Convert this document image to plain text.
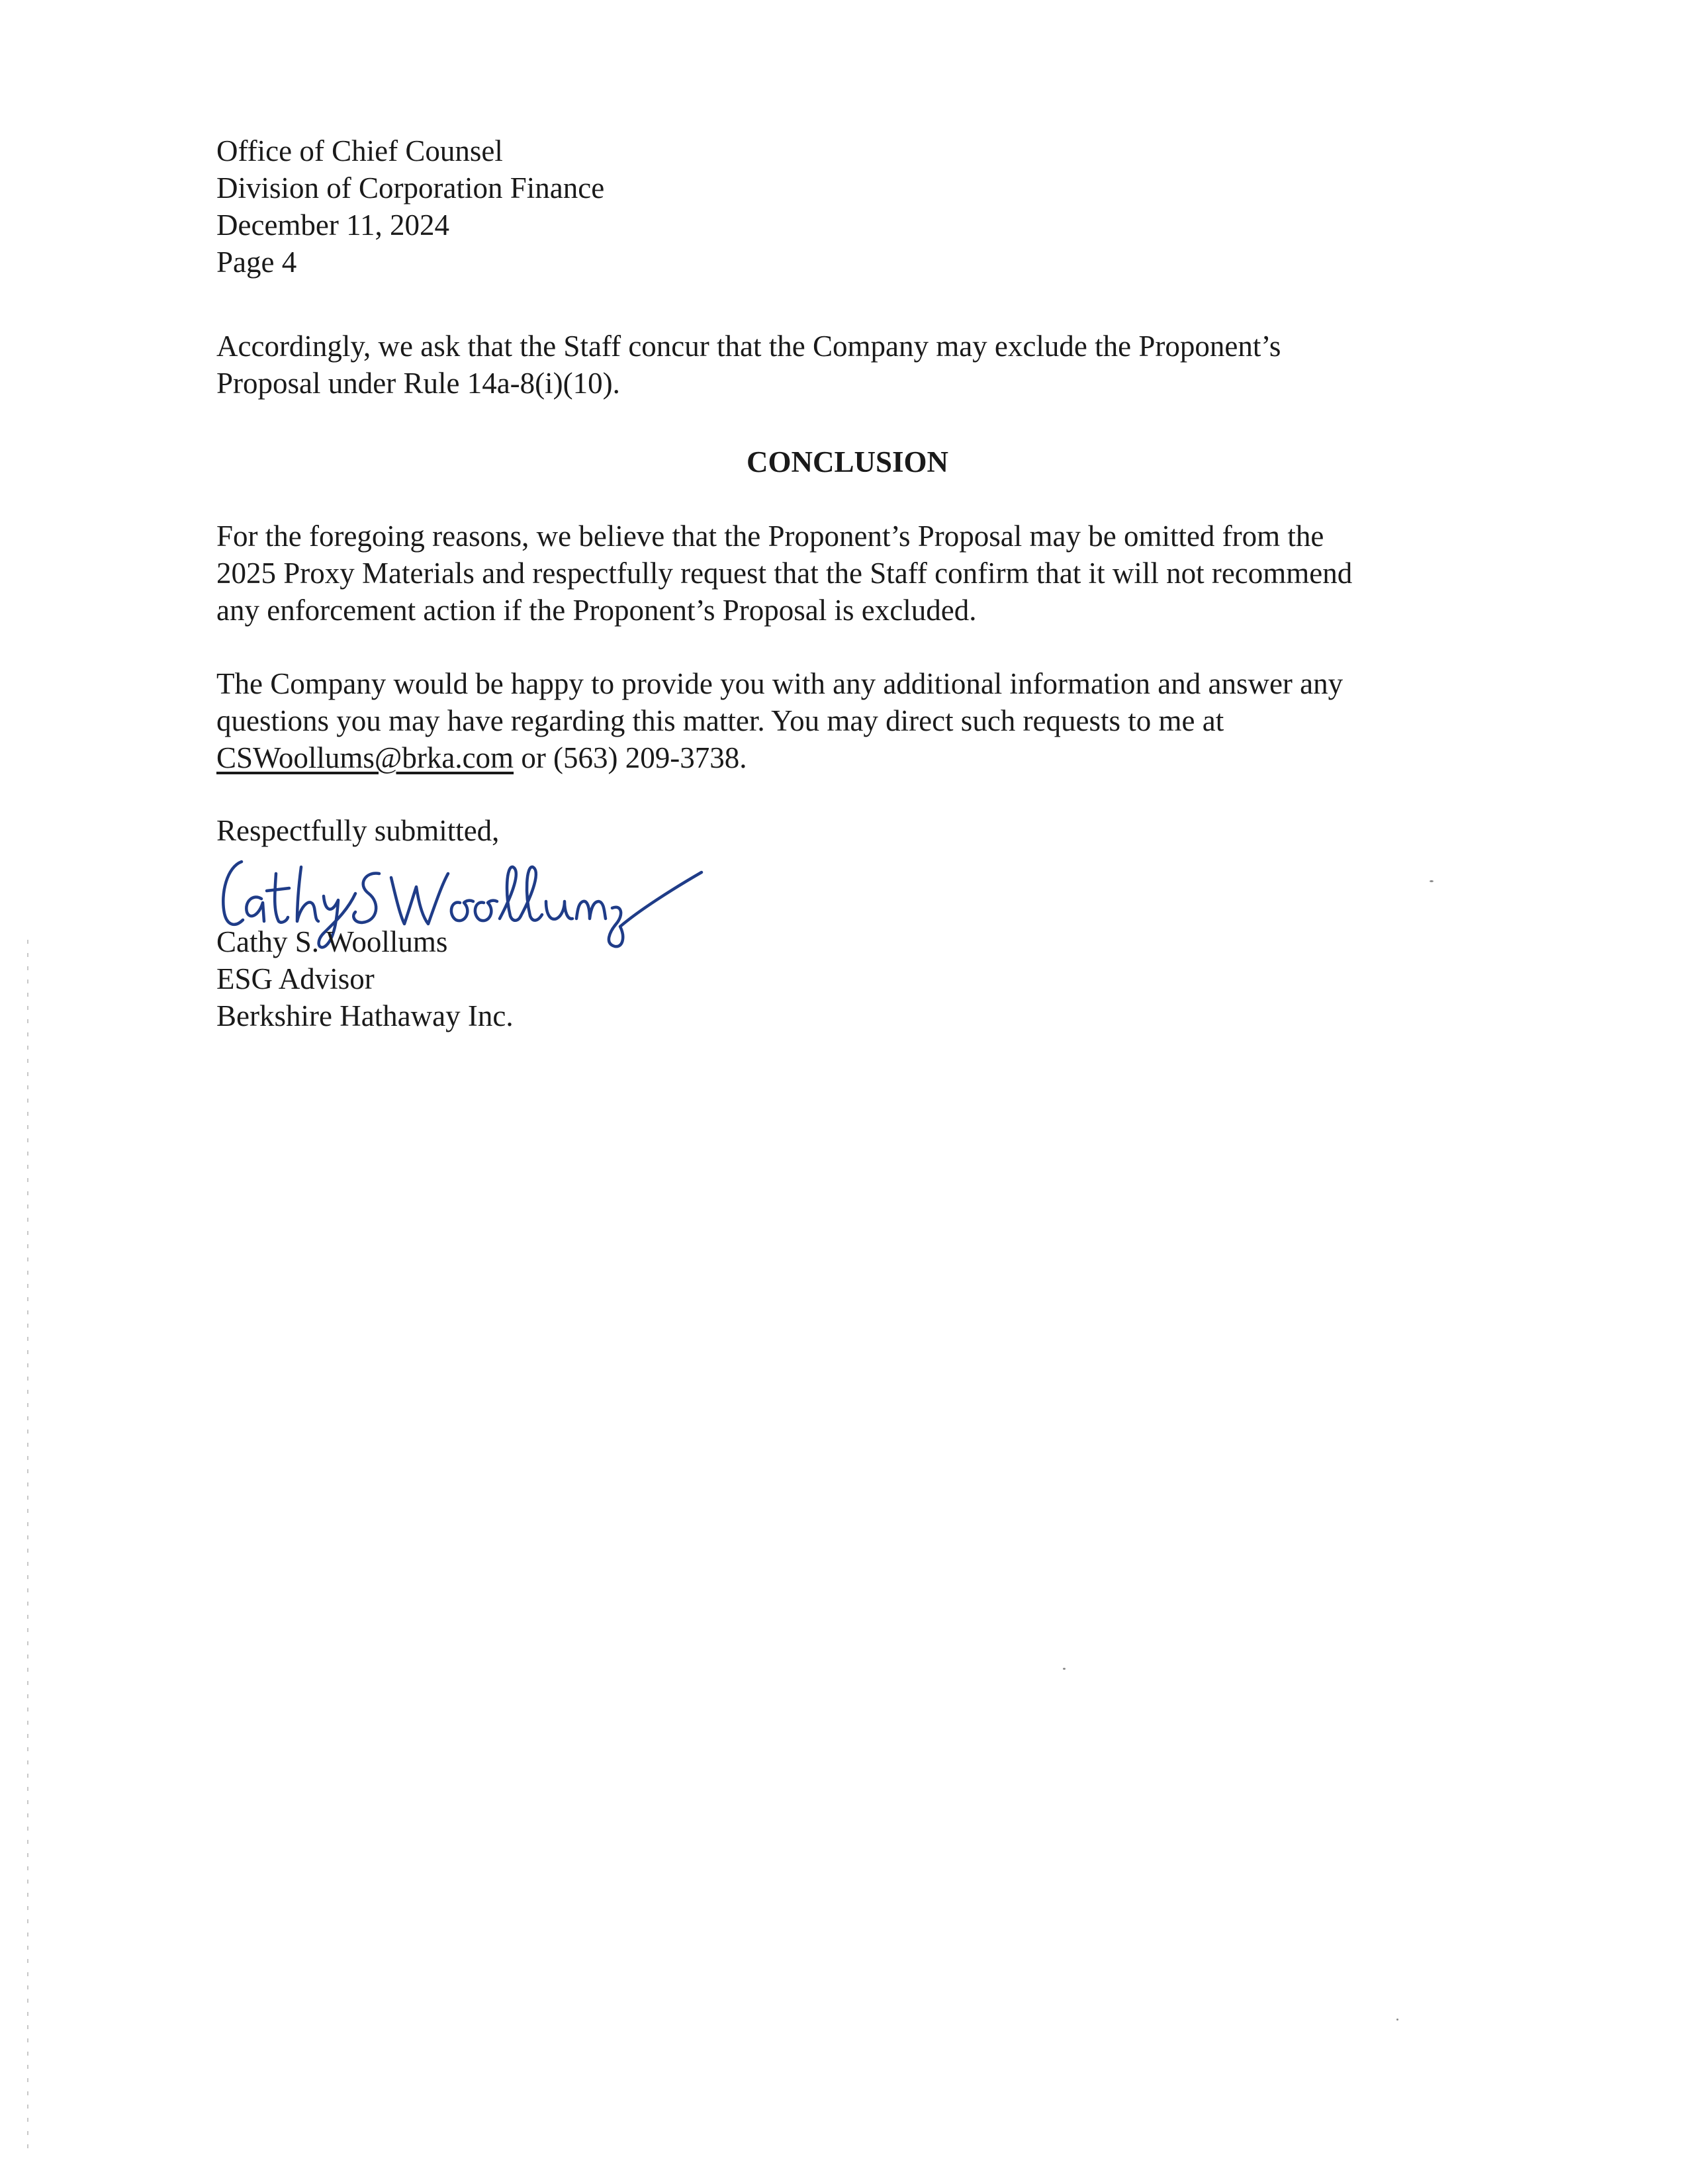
Office of Chief Counsel
Division of Corporation Finance
December 11, 2024
Page 4

Accordingly, we ask that the Staff concur that the Company may exclude the Proponent’s
Proposal under Rule 14a-8(i)(10).

CONCLUSION

For the foregoing reasons, we believe that the Proponent’s Proposal may be omitted from the
2025 Proxy Materials and respectfully request that the Staff confirm that it will not recommend
any enforcement action if the Proponent’s Proposal is excluded.

The Company would be happy to provide you with any additional information and answer any
questions you may have regarding this matter. You may direct such requests to me at
CSWoollums@brka.com or (563) 209-3738.

Respectfully submitted,
Cathy S. Woollums
ESG Advisor
Berkshire Hathaway Inc.
